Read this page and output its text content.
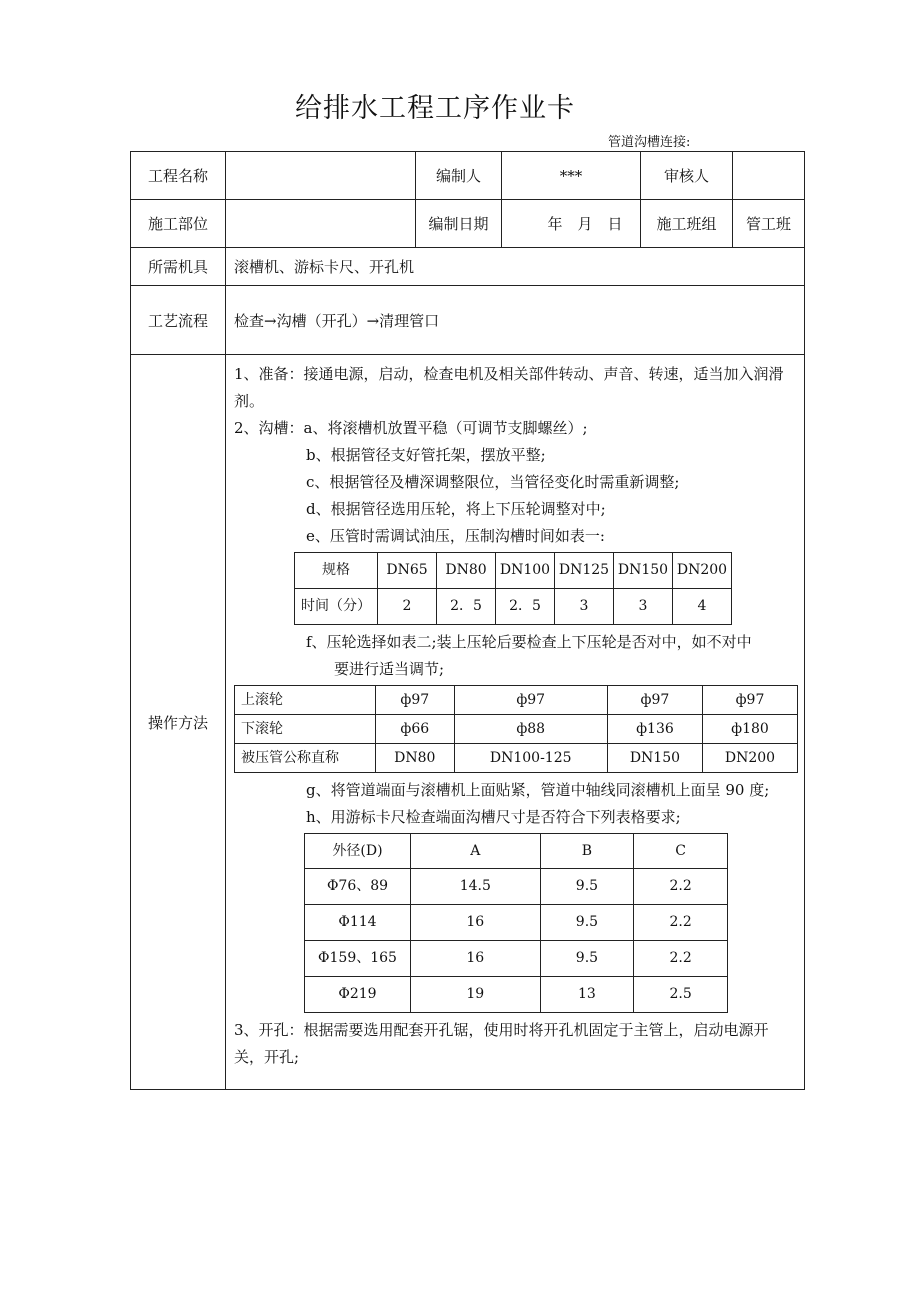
给排水工程工序作业卡
管道沟槽连接:
工程名称		编制人	***	审核人	
施工部位		编制日期	年　月　日	施工班组	管工班
所需机具	滚槽机、游标卡尺、开孔机
工艺流程	检查→沟槽（开孔）→清理管口
操作方法	

1、准备：接通电源，启动，检查电机及相关部件转动、声音、转速，适当加入润滑剂。

2、沟槽：a、将滚槽机放置平稳（可调节支脚螺丝）;

b、根据管径支好管托架，摆放平整;

c、根据管径及槽深调整限位，当管径变化时需重新调整;

d、根据管径选用压轮，将上下压轮调整对中;

e、压管时需调试油压，压制沟槽时间如表一:

规格	DN65	DN80	DN100	DN125	DN150	DN200
时间（分）	2	2．5	2．5	3	3	4

f、压轮选择如表二;装上压轮后要检查上下压轮是否对中，如不对中

要进行适当调节;

上滚轮	ф97	ф97	ф97	ф97
下滚轮	ф66	ф88	ф136	ф180
被压管公称直称	DN80	DN100-125	DN150	DN200

g、将管道端面与滚槽机上面贴紧，管道中轴线同滚槽机上面呈 90 度;

h、用游标卡尺检查端面沟槽尺寸是否符合下列表格要求;

外径(D)	A	B	C
Φ76、89	14.5	9.5	2.2
Φ114	16	9.5	2.2
Φ159、165	16	9.5	2.2
Φ219	19	13	2.5

3、开孔：根据需要选用配套开孔锯，使用时将开孔机固定于主管上，启动电源开关，开孔;
